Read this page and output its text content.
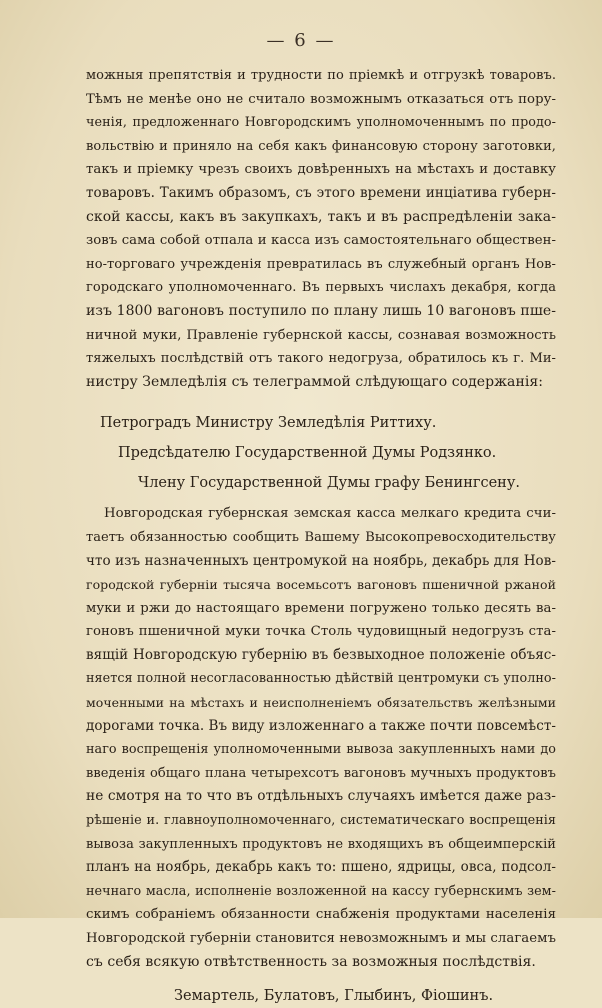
— 6 —

можныя препятствія и трудности по пріемкѣ и отгрузкѣ товаровъ.
Тѣмъ не менѣе оно не считало возможнымъ отказаться отъ пору-
ченія, предложеннаго Новгородскимъ уполномоченнымъ по продо-
вольствію и приняло на себя какъ финансовую сторону заготовки,
такъ и пріемку чрезъ своихъ довѣренныхъ на мѣстахъ и доставку
товаровъ. Такимъ образомъ, съ этого времени инціатива губерн-
ской кассы, какъ въ закупкахъ, такъ и въ распредѣленіи зака-
зовъ сама собой отпала и касса изъ самостоятельнаго обществен-
но-торговаго учрежденія превратилась въ служебный органъ Нов-
городскаго уполномоченнаго. Въ первыхъ числахъ декабря, когда
изъ 1800 вагоновъ поступило по плану лишь 10 вагоновъ пше-
ничной муки, Правленіе губернской кассы, сознавая возможность
тяжелыхъ послѣдствій отъ такого недогруза, обратилось къ г. Ми-
нистру Земледѣлія съ телеграммой слѣдующаго содержанія:

Петроградъ Министру Земледѣлія Риттиху.

Предсѣдателю Государственной Думы Родзянко.

Члену Государственной Думы графу Бенингсену.

Новгородская губернская земская касса мелкаго кредита счи-
таетъ обязанностью сообщить Вашему Высокопревосходительству
что изъ назначенныхъ центромукой на ноябрь, декабрь для Нов-
городской губерніи тысяча восемьсотъ вагоновъ пшеничной ржаной
муки и ржи до настоящаго времени погружено только десять ва-
гоновъ пшеничной муки точка Столь чудовищный недогрузъ ста-
вящій Новгородскую губернію въ безвыходное положеніе объяс-
няется полной несогласованностью дѣйствій центромуки съ уполно-
моченными на мѣстахъ и неисполненіемъ обязательствъ желѣзными
дорогами точка. Въ виду изложеннаго а также почти повсемѣст-
наго воспрещенія уполномоченными вывоза закупленныхъ нами до
введенія общаго плана четырехсотъ вагоновъ мучныхъ продуктовъ
не смотря на то что въ отдѣльныхъ случаяхъ имѣется даже раз-
рѣшеніе и. главноуполномоченнаго, систематическаго воспрещенія
вывоза закупленныхъ продуктовъ не входящихъ въ общеимперскій
планъ на ноябрь, декабрь какъ то: пшено, ядрицы, овса, подсол-
нечнаго масла, исполненіе возложенной на кассу губернскимъ зем-
скимъ собраніемъ обязанности снабженія продуктами населенія
Новгородской губерніи становится невозможнымъ и мы слагаемъ
съ себя всякую отвѣтственность за возможныя послѣдствія.

Земартель, Булатовъ, Глыбинъ, Фіошинъ.
